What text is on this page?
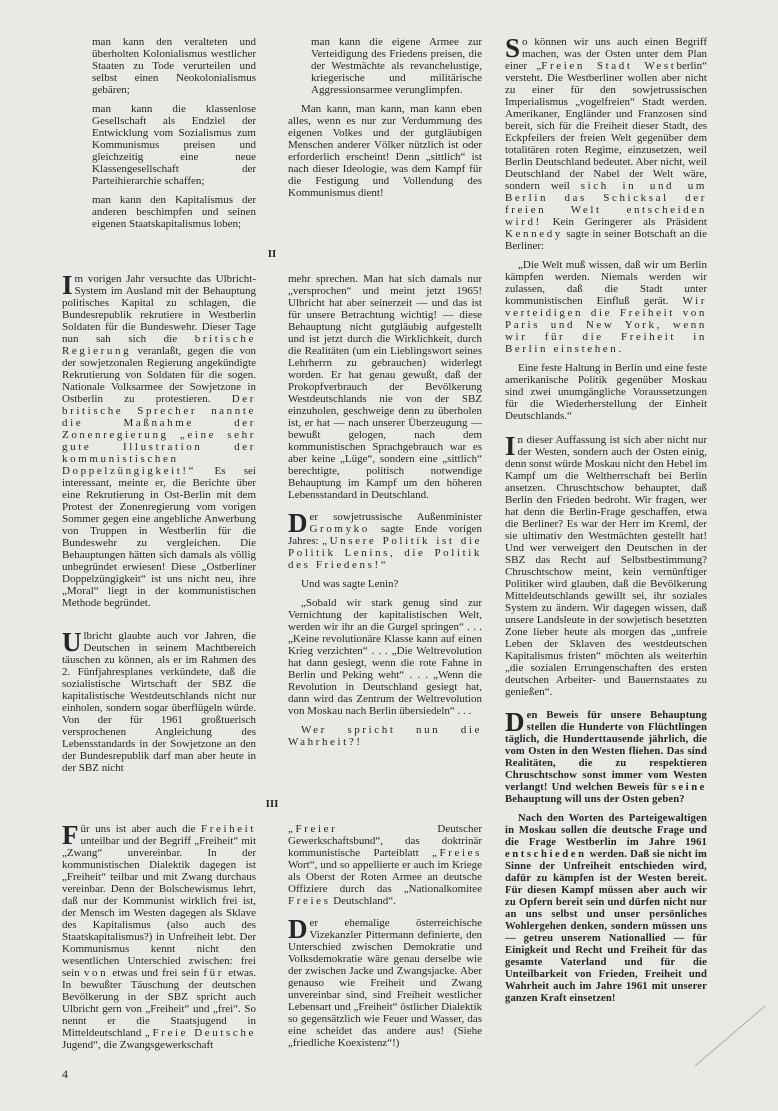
man kann den veralteten und überholten Kolonialismus westlicher Staaten zu Tode verurteilen und selbst einen Neokolonialismus gebären;

man kann die klassenlose Gesellschaft als Endziel der Entwicklung vom Sozialismus zum Kommunismus preisen und gleichzeitig eine neue Klassengesellschaft der Parteihierarchie schaffen;

man kann den Kapitalismus der anderen beschimpfen und seinen eigenen Staatskapitalismus loben;

man kann die eigene Armee zur Verteidigung des Friedens preisen, die der Westmächte als revanchelustige, kriegerische und militärische Aggressionsarmee verunglimpfen.

Man kann, man kann, man kann eben alles, wenn es nur zur Verdummung des eigenen Volkes und der gutgläubigen Menschen anderer Völker nützlich ist oder erforderlich erscheint! Denn „sittlich“ ist nach dieser Ideologie, was dem Kampf für die Festigung und Vollendung des Kommunismus dient!

II

Im vorigen Jahr versuchte das Ulbricht-System im Ausland mit der Behauptung politisches Kapital zu schlagen, die Bundesrepublik rekrutiere in Westberlin Soldaten für die Bundeswehr. Dieser Tage nun sah sich die britische Regierung veranlaßt, gegen die von der sowjetzonalen Regierung angekündigte Rekrutierung von Soldaten für die sogen. Nationale Volksarmee der Sowjetzone in Ostberlin zu protestieren. Der britische Sprecher nannte die Maßnahme der Zonenregierung „eine sehr gute Illustration der kommunistischen Doppelzüngigkeit!“ Es sei interessant, meinte er, die Berichte über eine Rekrutierung in Ost-Berlin mit dem Protest der Zonenregierung vom vorigen Sommer gegen eine angebliche Anwerbung von Truppen in Westberlin für die Bundeswehr zu vergleichen. Die Behauptungen hätten sich damals als völlig unbegründet erwiesen! Diese „Ostberliner Doppelzüngigkeit“ ist uns nicht neu, ihre „Moral“ liegt in der kommunistischen Methode begründet.

Ulbricht glaubte auch vor Jahren, die Deutschen in seinem Machtbereich täuschen zu können, als er im Rahmen des 2. Fünfjahresplanes verkündete, daß die sozialistische Wirtschaft der SBZ die kapitalistische Westdeutschlands nicht nur einholen, sondern sogar überflügeln würde. Von der für 1961 großtuerisch versprochenen Angleichung des Lebensstandards in der Sowjetzone an den der Bundesrepublik darf man aber heute in der SBZ nicht

mehr sprechen. Man hat sich damals nur „versprochen“ und meint jetzt 1965! Ulbricht hat aber seinerzeit — und das ist für unsere Betrachtung wichtig! — diese Behauptung nicht gutgläubig aufgestellt und ist jetzt durch die Wirklichkeit, durch die Realitäten (um ein Lieblingswort seines Lehrherrn zu gebrauchen) widerlegt worden. Er hat genau gewußt, daß der Prokopfverbrauch der Bevölkerung Westdeutschlands nie von der SBZ einzuholen, geschweige denn zu überholen ist, er hat — nach unserer Überzeugung — bewußt gelogen, nach dem kommunistischen Sprachgebrauch war es aber keine „Lüge“, sondern eine „sittlich“ berechtigte, politisch notwendige Behauptung im Kampf um den höheren Lebensstandard in Deutschland.

Der sowjetrussische Außenminister Gromyko sagte Ende vorigen Jahres: „Unsere Politik ist die Politik Lenins, die Politik des Friedens!“

Und was sagte Lenin?

„Sobald wir stark genug sind zur Vernichtung der kapitalistischen Welt, werden wir ihr an die Gurgel springen“ . . . „Keine revolutionäre Klasse kann auf einen Krieg verzichten“ . . . „Die Weltrevolution hat dann gesiegt, wenn die rote Fahne in Berlin und Peking weht“ . . . „Wenn die Revolution in Deutschland gesiegt hat, dann wird das Zentrum der Weltrevolution von Moskau nach Berlin übersiedeln“ . . .

Wer spricht nun die Wahrheit?!

III

Für uns ist aber auch die Freiheit unteilbar und der Begriff „Freiheit“ mit „Zwang“ unvereinbar. In der kommunistischen Dialektik dagegen ist „Freiheit“ teilbar und mit Zwang durchaus vereinbar. Denn der Bolschewismus lehrt, daß nur der Kommunist wirklich frei ist, der Mensch im Westen dagegen als Sklave des Kapitalismus (also auch des Staatskapitalismus?) in Unfreiheit lebt. Der Kommunismus kennt nicht den wesentlichen Unterschied zwischen: frei sein von etwas und frei sein für etwas. In bewußter Täuschung der deutschen Bevölkerung in der SBZ spricht auch Ulbricht gern von „Freiheit“ und „frei“. So nennt er die Staatsjugend in Mitteldeutschland „Freie Deutsche Jugend“, die Zwangsgewerkschaft

4

„Freier Deutscher Gewerkschaftsbund“, das doktrinär kommunistische Parteiblatt „Freies Wort“, und so appellierte er auch im Kriege als Oberst der Roten Armee an deutsche Offiziere durch das „Nationalkomitee Freies Deutschland“.

Der ehemalige österreichische Vizekanzler Pittermann definierte, den Unterschied zwischen Demokratie und Volksdemokratie wäre genau derselbe wie der zwischen Jacke und Zwangsjacke. Aber genauso wie Freiheit und Zwang unvereinbar sind, sind Freiheit westlicher Lebensart und „Freiheit“ östlicher Dialektik so gegensätzlich wie Feuer und Wasser, das eine scheidet das andere aus! (Siehe „friedliche Koexistenz“!)

So können wir uns auch einen Begriff machen, was der Osten unter dem Plan einer „Freien Stadt Westberlin“ versteht. Die Westberliner wollen aber nicht zu einer für den sowjetrussischen Imperialismus „vogelfreien“ Stadt werden. Amerikaner, Engländer und Franzosen sind bereit, sich für die Freiheit dieser Stadt, des Eckpfeilers der freien Welt gegenüber dem totalitären roten Regime, einzusetzen, weil Berlin Deutschland bedeutet. Aber nicht, weil Deutschland der Nabel der Welt wäre, sondern weil sich in und um Berlin das Schicksal der freien Welt entscheiden wird! Kein Geringerer als Präsident Kennedy sagte in seiner Botschaft an die Berliner:

„Die Welt muß wissen, daß wir um Berlin kämpfen werden. Niemals werden wir zulassen, daß die Stadt unter kommunistischen Einfluß gerät. Wir verteidigen die Freiheit von Paris und New York, wenn wir für die Freiheit in Berlin einstehen.

Eine feste Haltung in Berlin und eine feste amerikanische Politik gegenüber Moskau sind zwei unumgängliche Voraussetzungen für die Wiederherstellung der Einheit Deutschlands.“

In dieser Auffassung ist sich aber nicht nur der Westen, sondern auch der Osten einig, denn sonst würde Moskau nicht den Hebel im Kampf um die Weltherrschaft bei Berlin ansetzen. Chruschtschow behauptet, daß Berlin den Frieden bedroht. Wir fragen, wer hat denn die Berlin-Frage geschaffen, etwa die Berliner? Es war der Herr im Kreml, der sie ultimativ den Westmächten gestellt hat! Und wer verweigert den Deutschen in der SBZ das Recht auf Selbstbestimmung? Chruschtschow meint, kein vernünftiger Politiker wird glauben, daß die Bevölkerung Mitteldeutschlands gewillt sei, ihr soziales System zu ändern. Wir dagegen wissen, daß unsere Landsleute in der sowjetisch besetzten Zone lieber heute als morgen das „unfreie Leben der Sklaven des westdeutschen Kapitalismus fristen“ möchten als weiterhin „die sozialen Errungenschaften des ersten deutschen Arbeiter- und Bauernstaates zu genießen“.

Den Beweis für unsere Behauptung stellen die Hunderte von Flüchtlingen täglich, die Hunderttausende jährlich, die vom Osten in den Westen fliehen. Das sind Realitäten, die zu respektieren Chruschtschow sonst immer vom Westen verlangt! Und welchen Beweis für seine Behauptung will uns der Osten geben?

Nach den Worten des Parteigewaltigen in Moskau sollen die deutsche Frage und die Frage Westberlin im Jahre 1961 entschieden werden. Daß sie nicht im Sinne der Unfreiheit entschieden wird, dafür zu kämpfen ist der Westen bereit. Für diesen Kampf müssen aber auch wir zu Opfern bereit sein und dürfen nicht nur an uns selbst und unser persönliches Wohlergehen denken, sondern müssen uns — getreu unserem Nationallied — für Einigkeit und Recht und Freiheit für das gesamte Vaterland und für die Unteilbarkeit von Frieden, Freiheit und Wahrheit auch im Jahre 1961 mit unserer ganzen Kraft einsetzen!
